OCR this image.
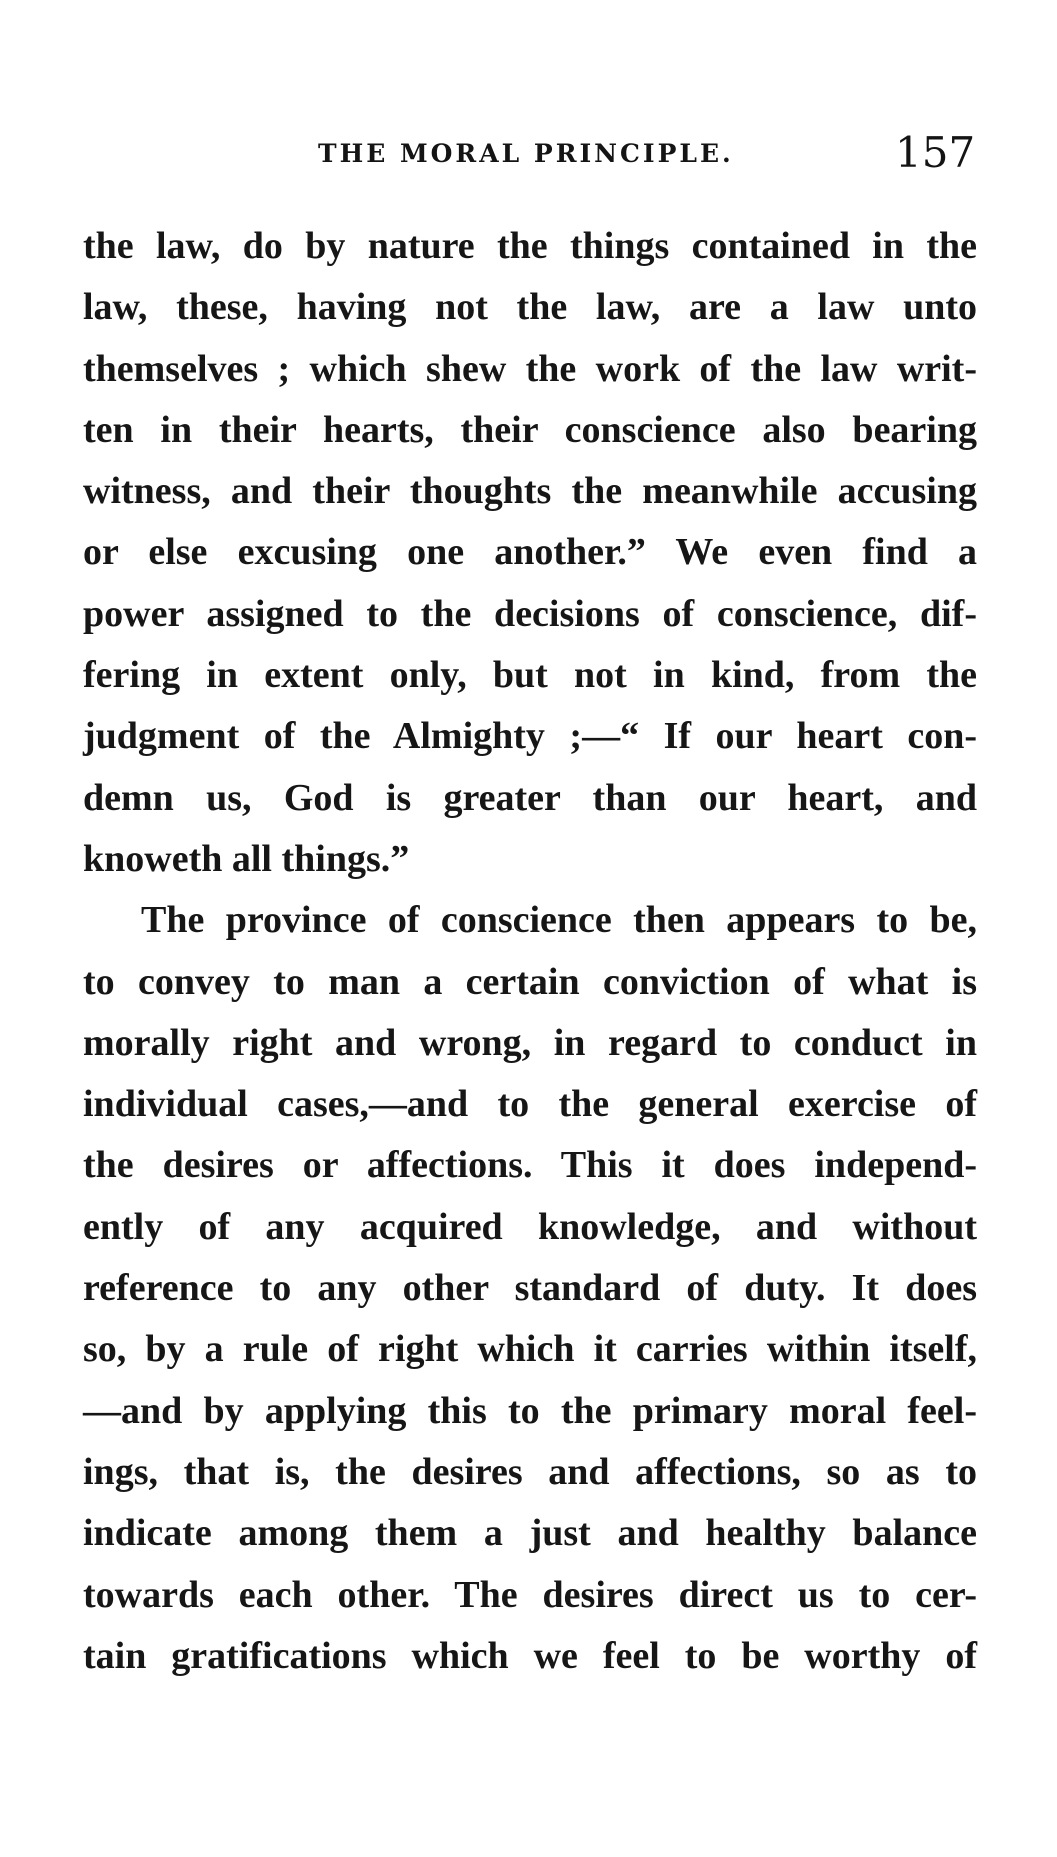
THE MORAL PRINCIPLE.	157
the law, do by nature the things contained in the
law, these, having not the law, are a law unto
themselves ; which shew the work of the law writ-
ten in their hearts, their conscience also bearing
witness, and their thoughts the meanwhile accusing
or else excusing one another.” We even find a
power assigned to the decisions of conscience, dif-
fering in extent only, but not in kind, from the
judgment of the Almighty ;—“ If our heart con-
demn us, God is greater than our heart, and
knoweth all things.”
The province of conscience then appears to be,
to convey to man a certain conviction of what is
morally right and wrong, in regard to conduct in
individual cases,—and to the general exercise of
the desires or affections. This it does independ-
ently of any acquired knowledge, and without
reference to any other standard of duty. It does
so, by a rule of right which it carries within itself,
—and by applying this to the primary moral feel-
ings, that is, the desires and affections, so as to
indicate among them a just and healthy balance
towards each other. The desires direct us to cer-
tain gratifications which we feel to be worthy of
